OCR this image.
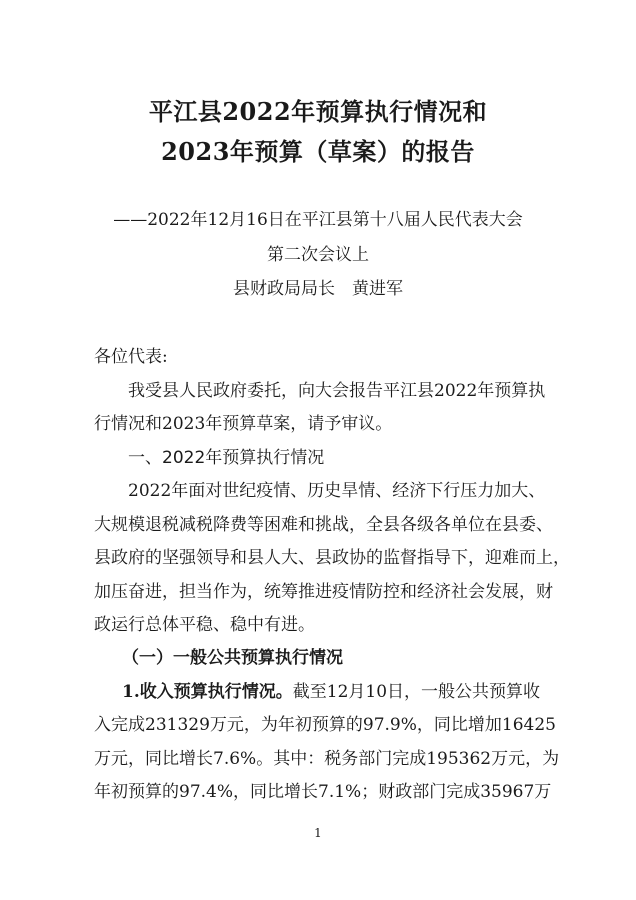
平江县2022年预算执行情况和
2023年预算（草案）的报告
——2022年12月16日在平江县第十八届人民代表大会
第二次会议上
县财政局局长　黄进军
各位代表:
我受县人民政府委托，向大会报告平江县2022年预算执
行情况和2023年预算草案，请予审议。
一、2022年预算执行情况
2022年面对世纪疫情、历史旱情、经济下行压力加大、
大规模退税减税降费等困难和挑战，全县各级各单位在县委、
县政府的坚强领导和县人大、县政协的监督指导下，迎难而上，
加压奋进，担当作为，统筹推进疫情防控和经济社会发展，财
政运行总体平稳、稳中有进。
（一）一般公共预算执行情况
1.收入预算执行情况。截至12月10日，一般公共预算收
入完成231329万元，为年初预算的97.9%，同比增加16425
万元，同比增长7.6%。其中：税务部门完成195362万元，为
年初预算的97.4%，同比增长7.1%；财政部门完成35967万
1
